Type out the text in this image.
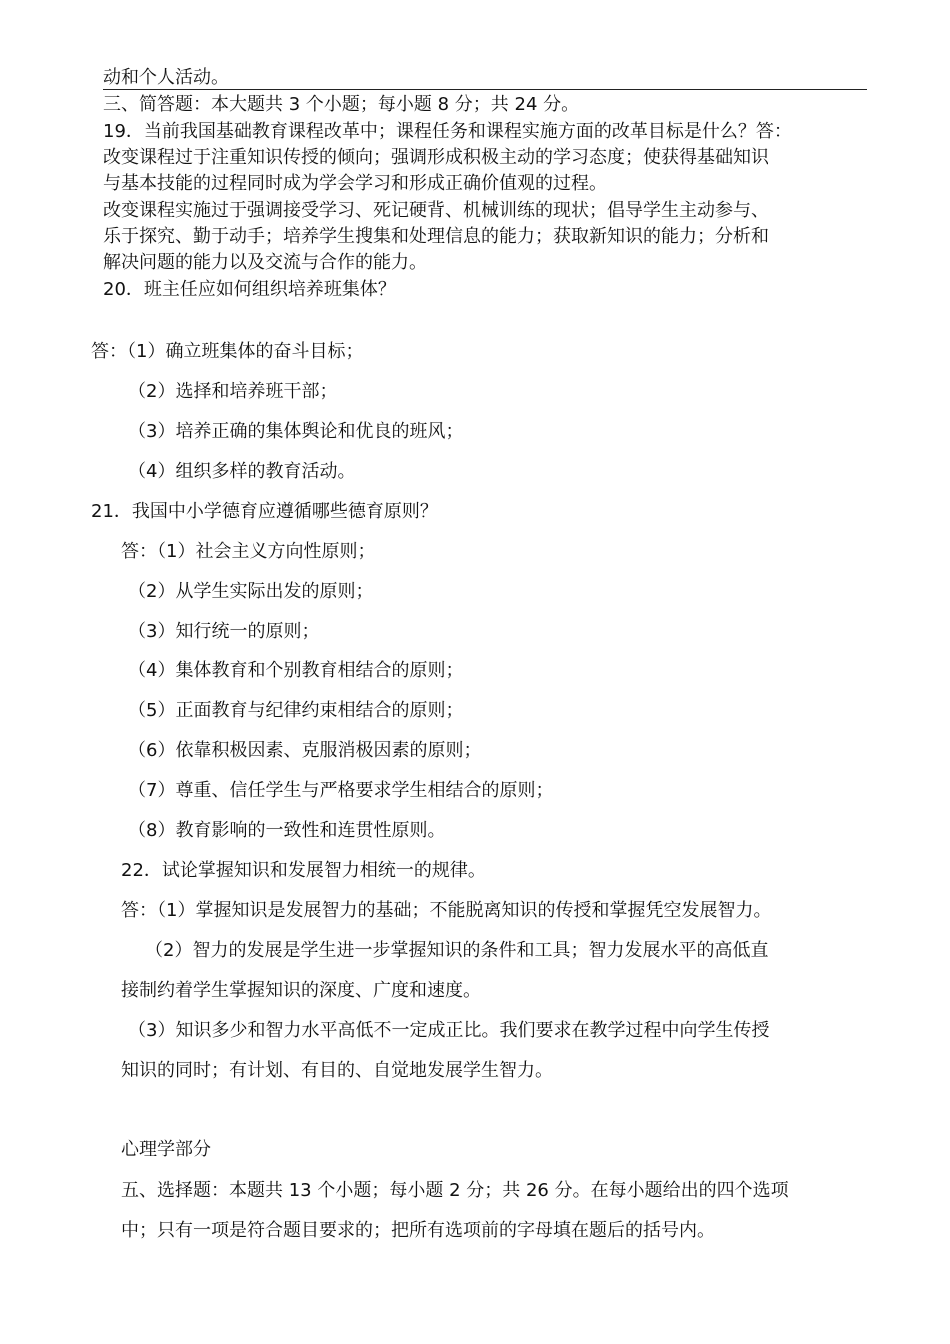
动和个人活动。
三、简答题：本大题共 3 个小题；每小题 8 分；共 24 分。
19．当前我国基础教育课程改革中；课程任务和课程实施方面的改革目标是什么？答：
改变课程过于注重知识传授的倾向；强调形成积极主动的学习态度；使获得基础知识
与基本技能的过程同时成为学会学习和形成正确价值观的过程。
改变课程实施过于强调接受学习、死记硬背、机械训练的现状；倡导学生主动参与、
乐于探究、勤于动手；培养学生搜集和处理信息的能力；获取新知识的能力；分析和
解决问题的能力以及交流与合作的能力。
20．班主任应如何组织培养班集体？
答：（1）确立班集体的奋斗目标；
（2）选择和培养班干部；
（3）培养正确的集体舆论和优良的班风；
（4）组织多样的教育活动。
21．我国中小学德育应遵循哪些德育原则？
答：（1）社会主义方向性原则；
（2）从学生实际出发的原则；
（3）知行统一的原则；
（4）集体教育和个别教育相结合的原则；
（5）正面教育与纪律约束相结合的原则；
（6）依靠积极因素、克服消极因素的原则；
（7）尊重、信任学生与严格要求学生相结合的原则；
（8）教育影响的一致性和连贯性原则。
22．试论掌握知识和发展智力相统一的规律。
答：（1）掌握知识是发展智力的基础；不能脱离知识的传授和掌握凭空发展智力。
（2）智力的发展是学生进一步掌握知识的条件和工具；智力发展水平的高低直
接制约着学生掌握知识的深度、广度和速度。
（3）知识多少和智力水平高低不一定成正比。我们要求在教学过程中向学生传授
知识的同时；有计划、有目的、自觉地发展学生智力。
心理学部分
五、选择题：本题共 13 个小题；每小题 2 分；共 26 分。在每小题给出的四个选项
中；只有一项是符合题目要求的；把所有选项前的字母填在题后的括号内。
